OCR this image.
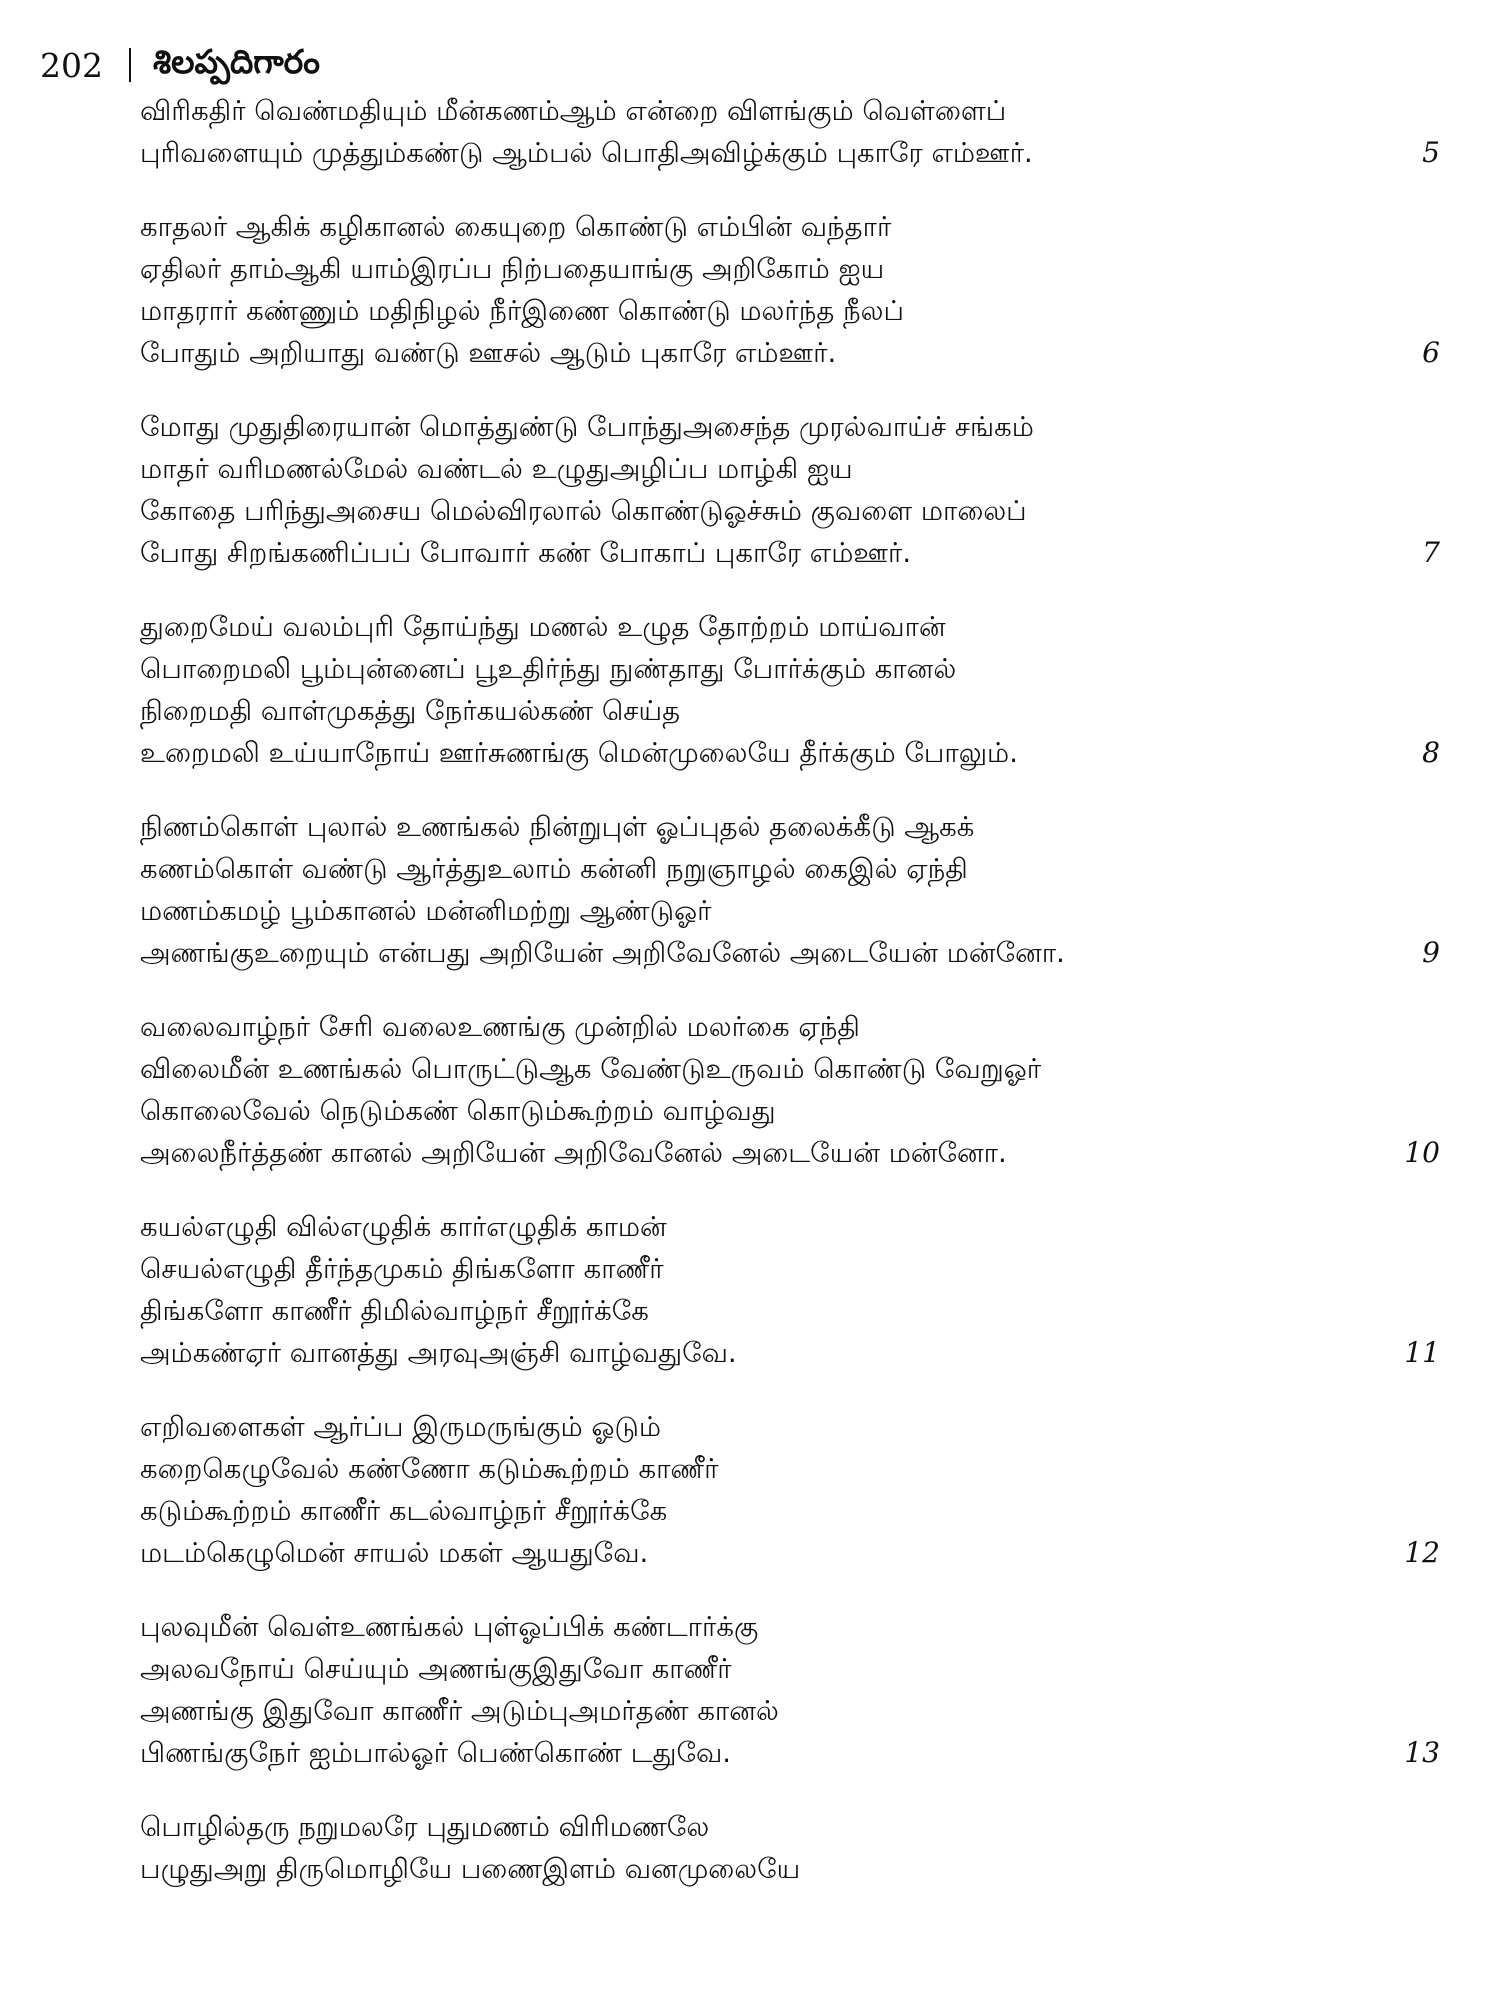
202 శిలప్పదిగారం
விரிகதிர் வெண்மதியும் மீன்கணம்ஆம் என்றை விளங்கும் வெள்ளைப்
புரிவளையும் முத்தும்கண்டு ஆம்பல் பொதிஅவிழ்க்கும் புகாரே எம்ஊர்.	5
காதலர் ஆகிக் கழிகானல் கையுறை கொண்டு எம்பின் வந்தார்
ஏதிலர் தாம்ஆகி யாம்இரப்ப நிற்பதையாங்கு அறிகோம் ஐய
மாதரார் கண்ணும் மதிநிழல் நீர்இணை கொண்டு மலர்ந்த நீலப்
போதும் அறியாது வண்டு ஊசல் ஆடும் புகாரே எம்ஊர்.	6
மோது முதுதிரையான் மொத்துண்டு போந்துஅசைந்த முரல்வாய்ச் சங்கம்
மாதர் வரிமணல்மேல் வண்டல் உழுதுஅழிப்ப மாழ்கி ஐய
கோதை பரிந்துஅசைய மெல்விரலால் கொண்டுஓச்சும் குவளை மாலைப்
போது சிறங்கணிப்பப் போவார் கண் போகாப் புகாரே எம்ஊர்.	7
துறைமேய் வலம்புரி தோய்ந்து மணல் உழுத தோற்றம் மாய்வான்
பொறைமலி பூம்புன்னைப் பூஉதிர்ந்து நுண்தாது போர்க்கும் கானல்
நிறைமதி வாள்முகத்து நேர்கயல்கண் செய்த
உறைமலி உய்யாநோய் ஊர்சுணங்கு மென்முலையே தீர்க்கும் போலும்.	8
நிணம்கொள் புலால் உணங்கல் நின்றுபுள் ஓப்புதல் தலைக்கீடு ஆகக்
கணம்கொள் வண்டு ஆர்த்துஉலாம் கன்னி நறுஞாழல் கைஇல் ஏந்தி
மணம்கமழ் பூம்கானல் மன்னிமற்று ஆண்டுஓர்
அணங்குஉறையும் என்பது அறியேன் அறிவேனேல் அடையேன் மன்னோ.	9
வலைவாழ்நர் சேரி வலைஉணங்கு முன்றில் மலர்கை ஏந்தி
விலைமீன் உணங்கல் பொருட்டுஆக வேண்டுஉருவம் கொண்டு வேறுஓர்
கொலைவேல் நெடும்கண் கொடும்கூற்றம் வாழ்வது
அலைநீர்த்தண் கானல் அறியேன் அறிவேனேல் அடையேன் மன்னோ.	10
கயல்எழுதி வில்எழுதிக் கார்எழுதிக் காமன்
செயல்எழுதி தீர்ந்தமுகம் திங்களோ காணீர்
திங்களோ காணீர் திமில்வாழ்நர் சீறூர்க்கே
அம்கண்ஏர் வானத்து அரவுஅஞ்சி வாழ்வதுவே.	11
எறிவளைகள் ஆர்ப்ப இருமருங்கும் ஓடும்
கறைகெழுவேல் கண்ணோ கடும்கூற்றம் காணீர்
கடும்கூற்றம் காணீர் கடல்வாழ்நர் சீறூர்க்கே
மடம்கெழுமென் சாயல் மகள் ஆயதுவே.	12
புலவுமீன் வெள்உணங்கல் புள்ஓப்பிக் கண்டார்க்கு
அலவநோய் செய்யும் அணங்குஇதுவோ காணீர்
அணங்கு இதுவோ காணீர் அடும்புஅமர்தண் கானல்
பிணங்குநேர் ஐம்பால்ஓர் பெண்கொண் டதுவே.	13
பொழில்தரு நறுமலரே புதுமணம் விரிமணலே
பழுதுஅறு திருமொழியே பணைஇளம் வனமுலையே
